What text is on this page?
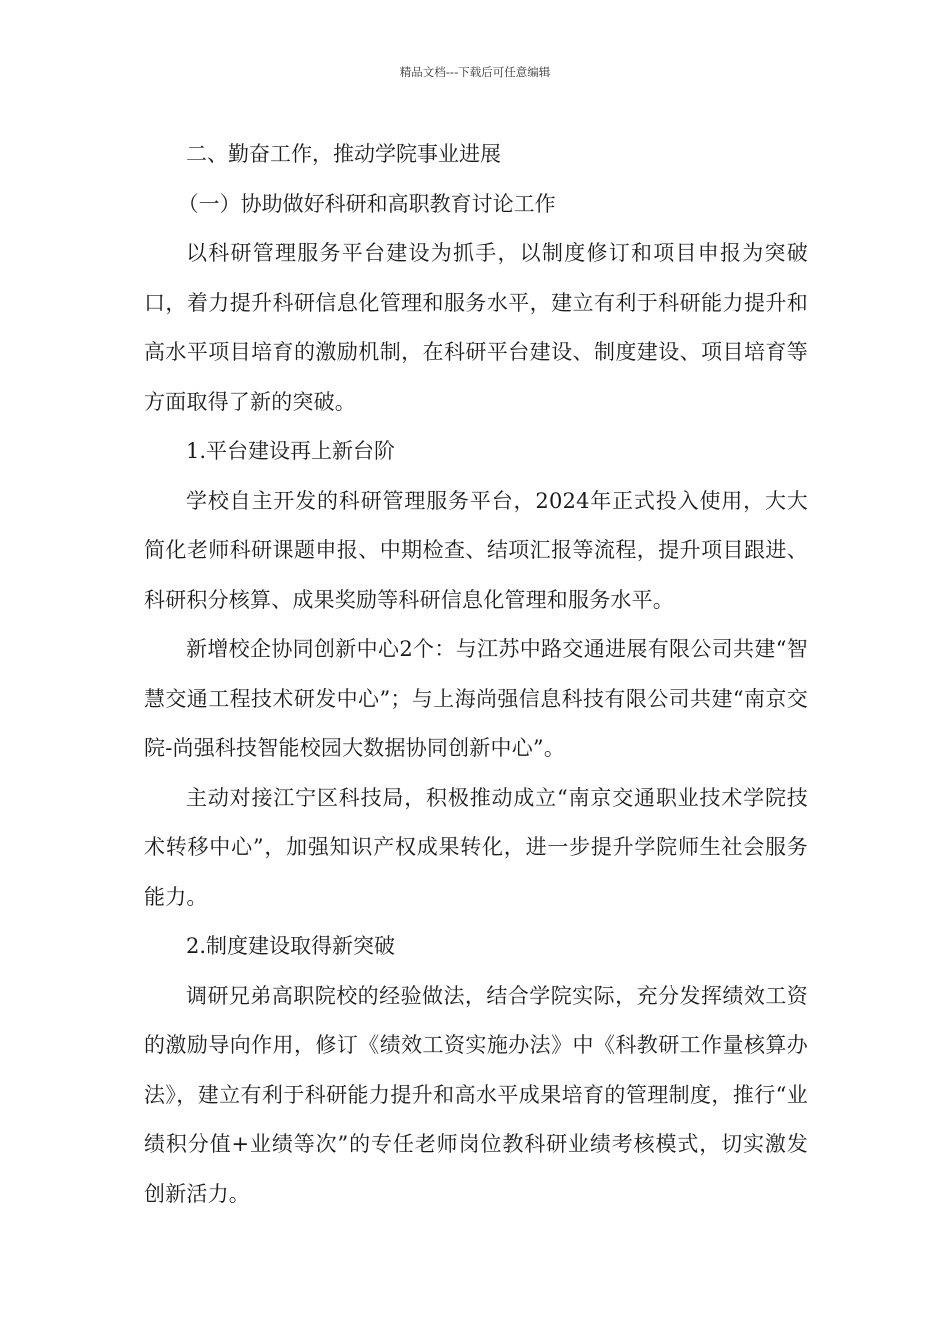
精品文档---下载后可任意编辑

二、勤奋工作，推动学院事业进展

（一）协助做好科研和高职教育讨论工作

以科研管理服务平台建设为抓手，以制度修订和项目申报为突破口，着力提升科研信息化管理和服务水平，建立有利于科研能力提升和高水平项目培育的激励机制，在科研平台建设、制度建设、项目培育等方面取得了新的突破。

1.平台建设再上新台阶

学校自主开发的科研管理服务平台，2024年正式投入使用，大大简化老师科研课题申报、中期检查、结项汇报等流程，提升项目跟进、科研积分核算、成果奖励等科研信息化管理和服务水平。

新增校企协同创新中心2个：与江苏中路交通进展有限公司共建“智慧交通工程技术研发中心”；与上海尚强信息科技有限公司共建“南京交院-尚强科技智能校园大数据协同创新中心”。

主动对接江宁区科技局，积极推动成立“南京交通职业技术学院技术转移中心”，加强知识产权成果转化，进一步提升学院师生社会服务能力。

2.制度建设取得新突破

调研兄弟高职院校的经验做法，结合学院实际，充分发挥绩效工资的激励导向作用，修订《绩效工资实施办法》中《科教研工作量核算办法》，建立有利于科研能力提升和高水平成果培育的管理制度，推行“业绩积分值+业绩等次”的专任老师岗位教科研业绩考核模式，切实激发创新活力。
